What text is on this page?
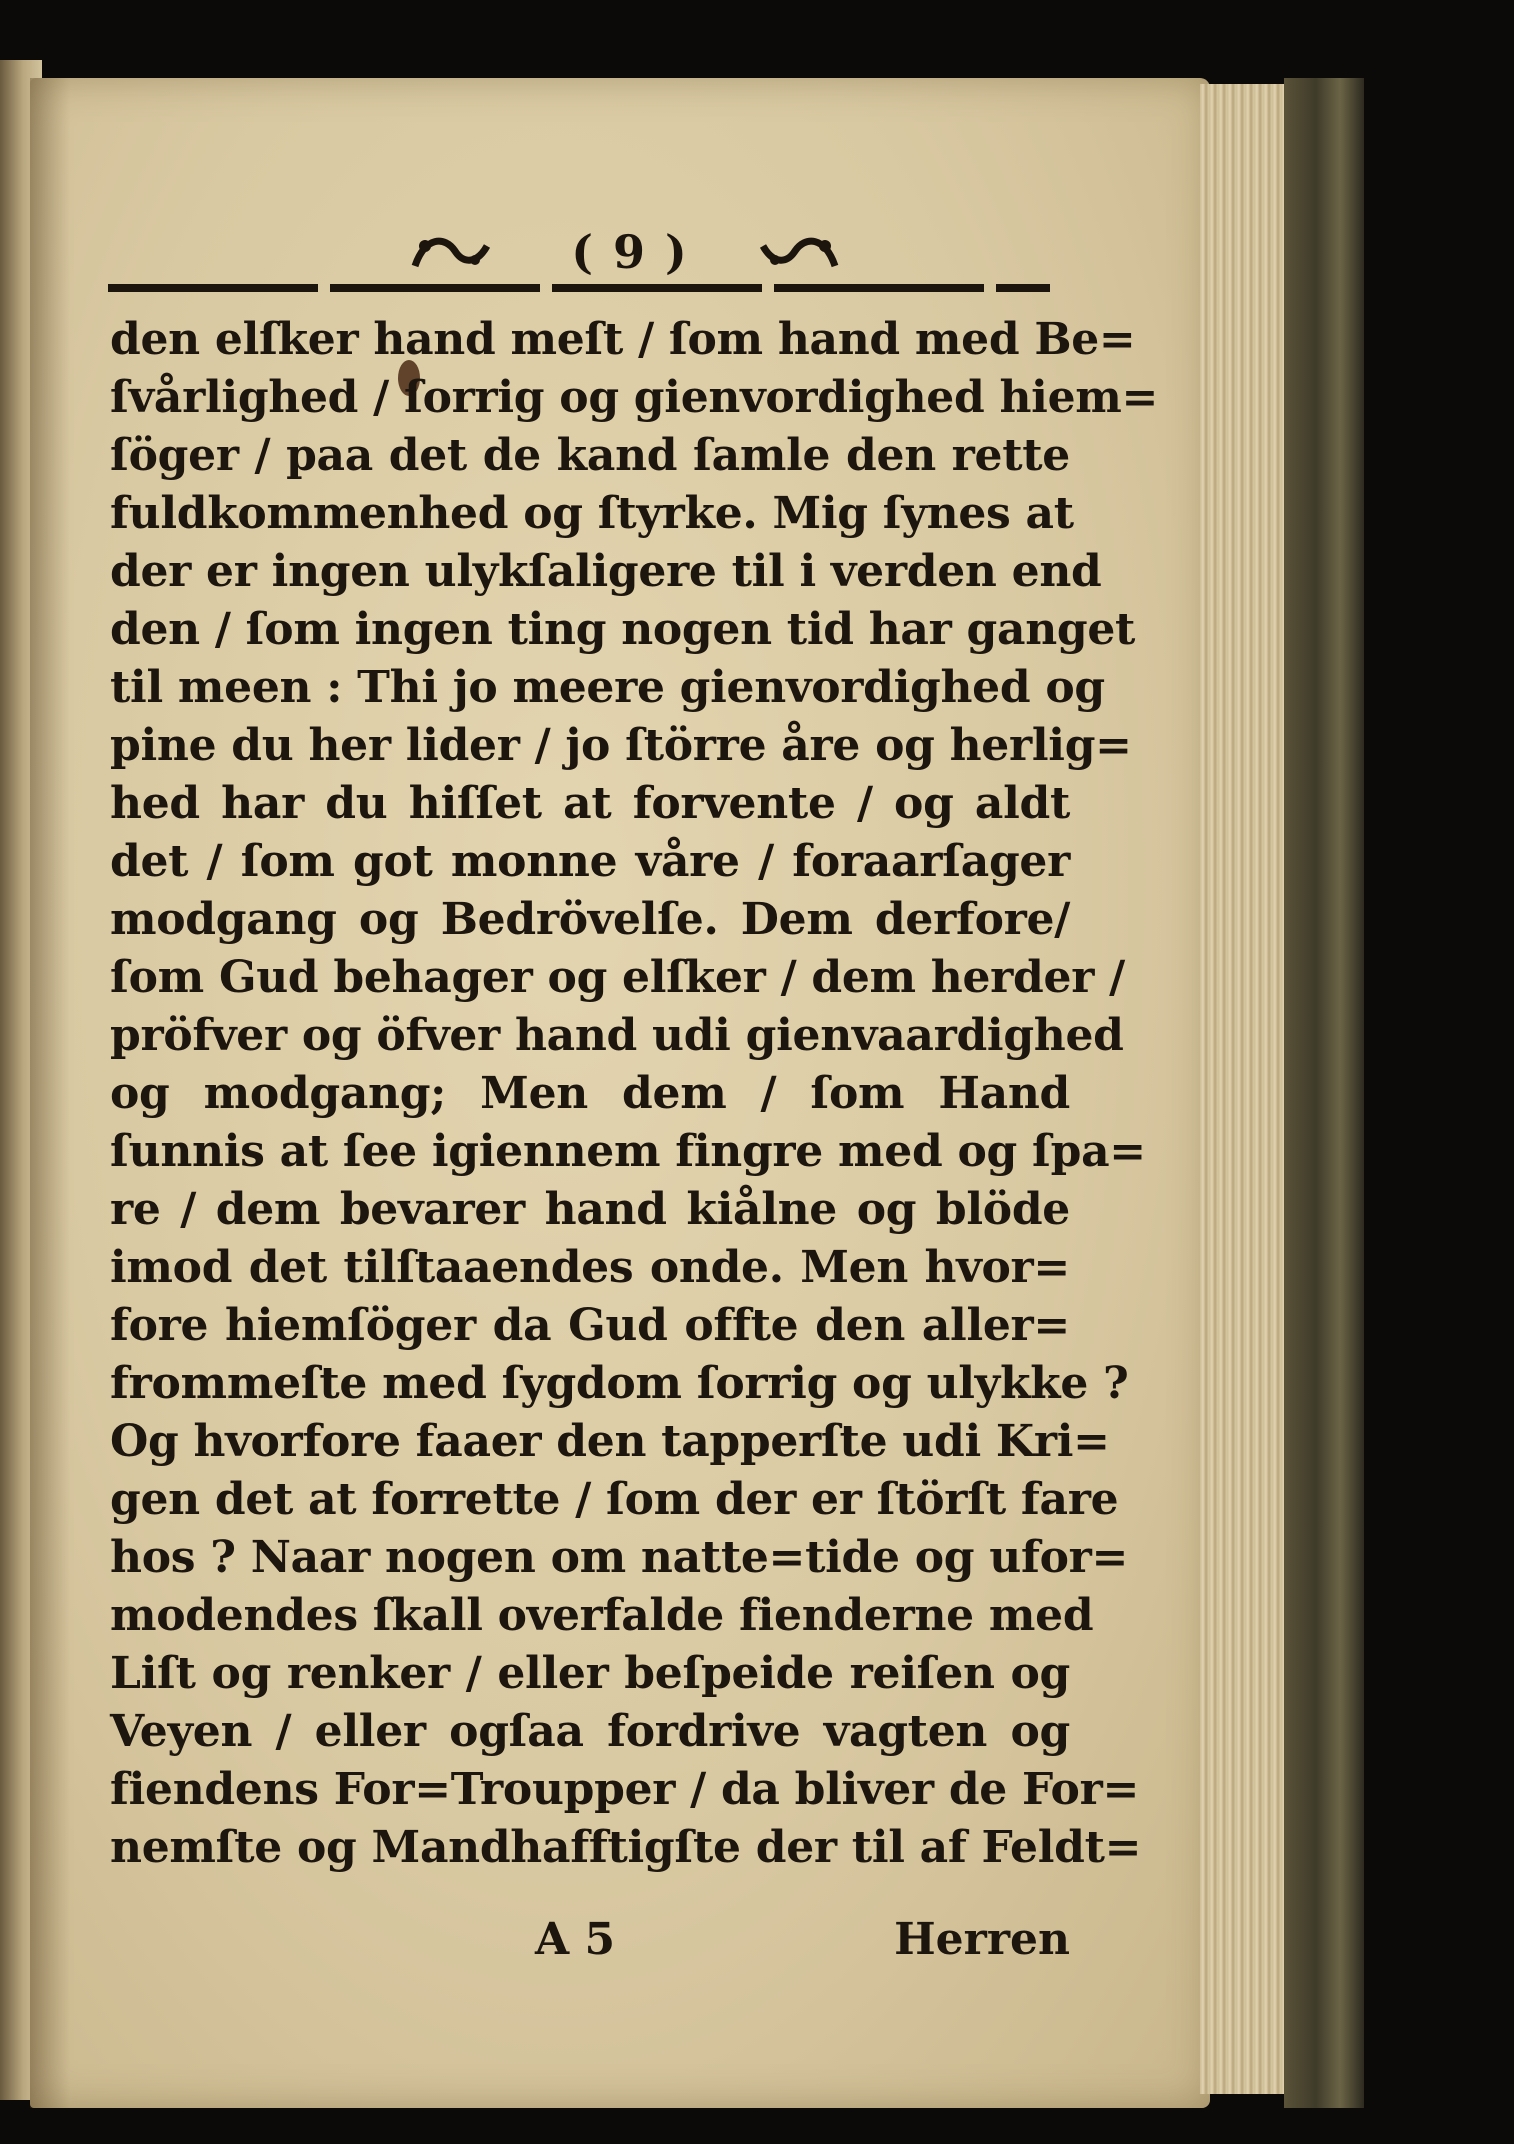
( 9 )
den elſker hand meſt / ſom hand med Be=
ſvårlighed / ſorrig og gienvordighed hiem=
ſöger / paa det de kand ſamle den rette
fuldkommenhed og ſtyrke. Mig ſynes at
der er ingen ulykſaligere til i verden end
den / ſom ingen ting nogen tid har ganget
til meen : Thi jo meere gienvordighed og
pine du her lider / jo ſtörre åre og herlig=
hed har du hiſſet at forvente / og aldt
det / ſom got monne våre / foraarſager
modgang og Bedrövelſe. Dem derfore/
ſom Gud behager og elſker / dem herder /
pröfver og öfver hand udi gienvaardighed
og modgang; Men dem / ſom Hand
ſunnis at ſee igiennem fingre med og ſpa=
re / dem bevarer hand kiålne og blöde
imod det tilſtaaendes onde. Men hvor=
fore hiemſöger da Gud offte den aller=
frommeſte med ſygdom ſorrig og ulykke ?
Og hvorfore faaer den tapperſte udi Kri=
gen det at forrette / ſom der er ſtörſt fare
hos ? Naar nogen om natte=tide og ufor=
modendes ſkall overfalde fienderne med
Liſt og renker / eller beſpeide reiſen og
Veyen / eller ogſaa fordrive vagten og
fiendens For=Troupper / da bliver de For=
nemſte og Mandhafftigſte der til af Feldt=
A 5	Herren
